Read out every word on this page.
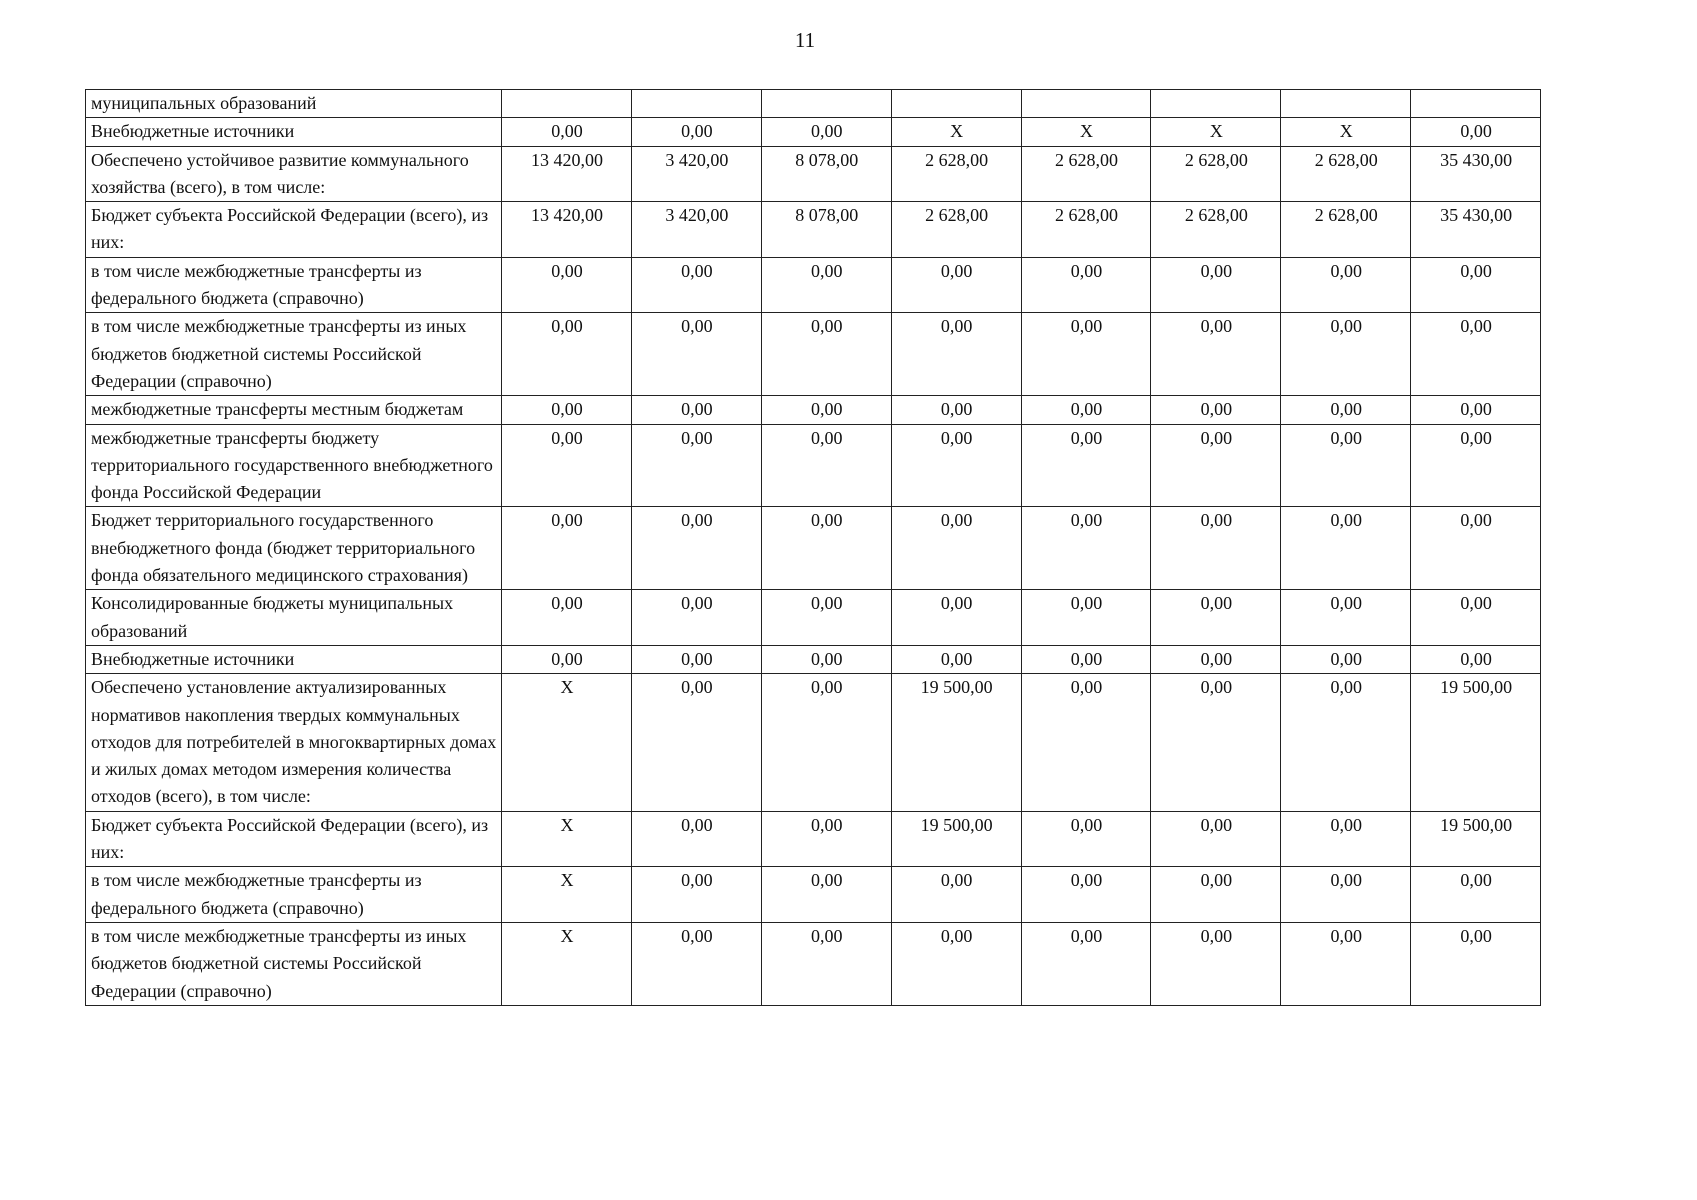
11
муниципальных образований								
Внебюджетные источники	0,00	0,00	0,00	X	X	X	X	0,00
Обеспечено устойчивое развитие коммунального хозяйства (всего), в том числе:	13 420,00	3 420,00	8 078,00	2 628,00	2 628,00	2 628,00	2 628,00	35 430,00
Бюджет субъекта Российской Федерации (всего), из них:	13 420,00	3 420,00	8 078,00	2 628,00	2 628,00	2 628,00	2 628,00	35 430,00
в том числе межбюджетные трансферты из федерального бюджета (справочно)	0,00	0,00	0,00	0,00	0,00	0,00	0,00	0,00
в том числе межбюджетные трансферты из иных бюджетов бюджетной системы Российской Федерации (справочно)	0,00	0,00	0,00	0,00	0,00	0,00	0,00	0,00
межбюджетные трансферты местным бюджетам	0,00	0,00	0,00	0,00	0,00	0,00	0,00	0,00
межбюджетные трансферты бюджету территориального государственного внебюджетного фонда Российской Федерации	0,00	0,00	0,00	0,00	0,00	0,00	0,00	0,00
Бюджет территориального государственного внебюджетного фонда (бюджет территориального фонда обязательного медицинского страхования)	0,00	0,00	0,00	0,00	0,00	0,00	0,00	0,00
Консолидированные бюджеты муниципальных образований	0,00	0,00	0,00	0,00	0,00	0,00	0,00	0,00
Внебюджетные источники	0,00	0,00	0,00	0,00	0,00	0,00	0,00	0,00
Обеспечено установление актуализированных нормативов накопления твердых коммунальных отходов для потребителей в многоквартирных домах и жилых домах методом измерения количества отходов (всего), в том числе:	X	0,00	0,00	19 500,00	0,00	0,00	0,00	19 500,00
Бюджет субъекта Российской Федерации (всего), из них:	X	0,00	0,00	19 500,00	0,00	0,00	0,00	19 500,00
в том числе межбюджетные трансферты из федерального бюджета (справочно)	X	0,00	0,00	0,00	0,00	0,00	0,00	0,00
в том числе межбюджетные трансферты из иных бюджетов бюджетной системы Российской Федерации (справочно)	X	0,00	0,00	0,00	0,00	0,00	0,00	0,00
